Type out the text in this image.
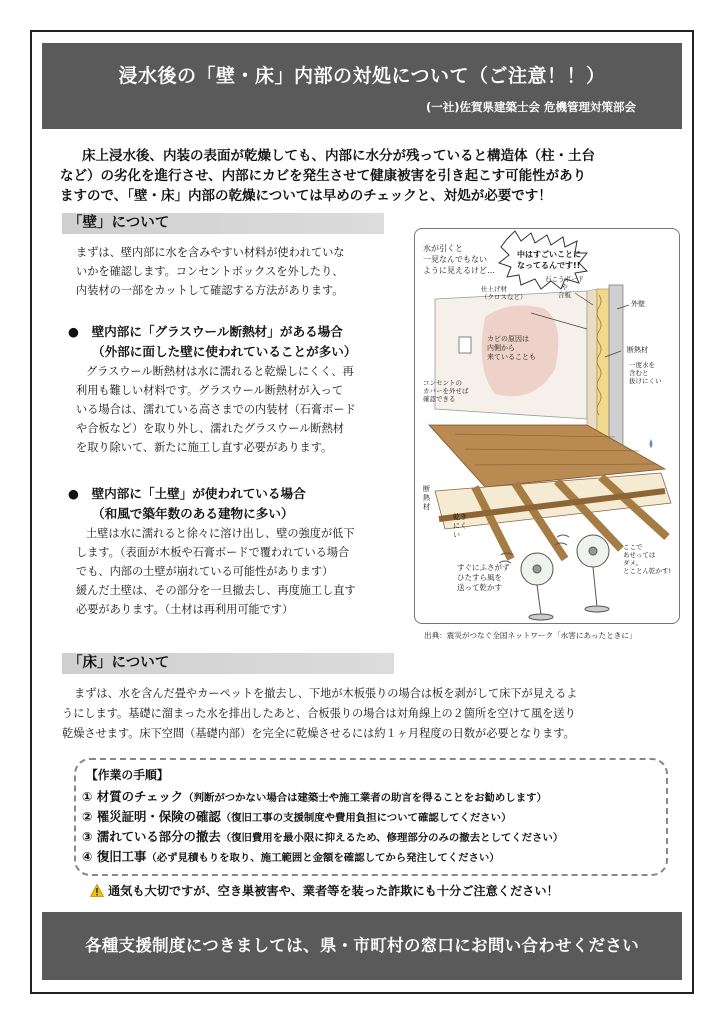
浸水後の「壁・床」内部の対処について（ご注意！！）
(一社)佐賀県建築士会 危機管理対策部会
床上浸水後、内装の表面が乾燥しても、内部に水分が残っていると構造体（柱・土台
など）の劣化を進行させ、内部にカビを発生させて健康被害を引き起こす可能性があり
ますので、「壁・床」内部の乾燥については早めのチェックと、対処が必要です！
「壁」について
まずは、壁内部に水を含みやすい材料が使われていな
いかを確認します。コンセントボックスを外したり、
内装材の一部をカットして確認する方法があります。
●　壁内部に「グラスウール断熱材」がある場合
（外部に面した壁に使われていることが多い）
グラスウール断熱材は水に濡れると乾燥しにくく、再
利用も難しい材料です。グラスウール断熱材が入って
いる場合は、濡れている高さまでの内装材（石膏ボード
や合板など）を取り外し、濡れたグラスウール断熱材
を取り除いて、新たに施工し直す必要があります。
●　壁内部に「土壁」が使われている場合
（和風で築年数のある建物に多い）
土壁は水に濡れると徐々に溶け出し、壁の強度が低下
します。（表面が木板や石膏ボードで覆われている場合
でも、内部の土壁が崩れている可能性があります）
緩んだ土壁は、その部分を一旦撤去し、再度施工し直す
必要があります。（土材は再利用可能です）
水が引くと
一見なんでもない
ように見えるけど…
中はすごいことに
なってるんです!!
仕上げ材
（クロスなど）
石こうボード
や
合板
外壁
断熱材
一度水を
含むと
抜けにくい
カビの原因は
内側から
来ていることも
コンセントの
カバーを外せば
確認できる
断
熱
材
乾き
にく
い
すぐにふさがず
ひたすら風を
送って乾かす
ここで
あせっては
ダメ。
とことん乾かす!
出典：震災がつなぐ全国ネットワーク「水害にあったときに」
「床」について
まずは、水を含んだ畳やカーペットを撤去し、下地が木板張りの場合は板を剥がして床下が見えるよ
うにします。基礎に溜まった水を排出したあと、合板張りの場合は対角線上の２箇所を空けて風を送り
乾燥させます。床下空間（基礎内部）を完全に乾燥させるには約１ヶ月程度の日数が必要となります。
【作業の手順】
① 材質のチェック（判断がつかない場合は建築士や施工業者の助言を得ることをお勧めします）
② 罹災証明・保険の確認（復旧工事の支援制度や費用負担について確認してください）
③ 濡れている部分の撤去（復旧費用を最小限に抑えるため、修理部分のみの撤去としてください）
④ 復旧工事（必ず見積もりを取り、施工範囲と金額を確認してから発注してください）
通気も大切ですが、空き巣被害や、業者等を装った詐欺にも十分ご注意ください！
各種支援制度につきましては、県・市町村の窓口にお問い合わせください
